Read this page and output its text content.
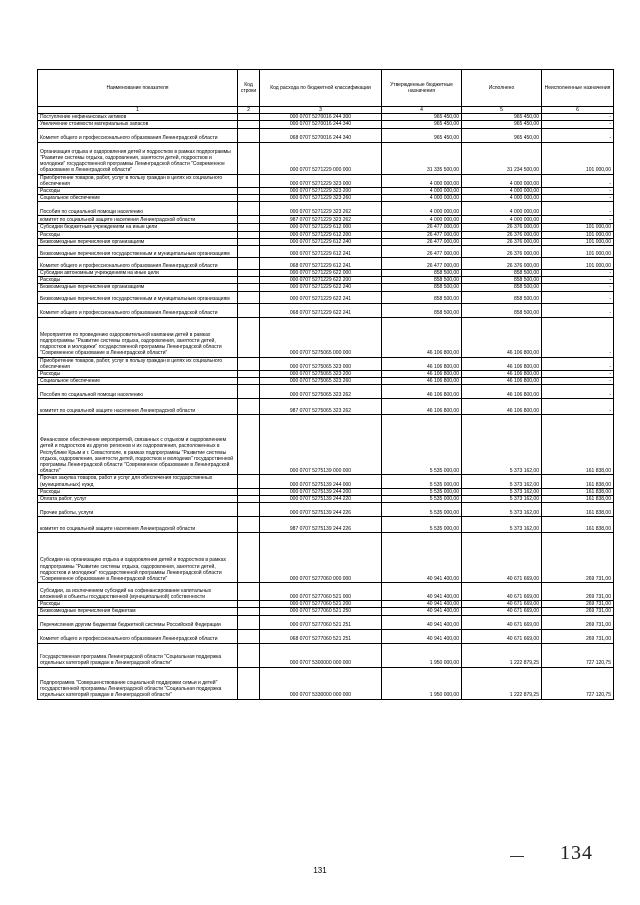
Наименование показателя	Код строки	Код расхода по бюджетной классификации	Утвержденные бюджетные назначения	Исполнено	Неисполненные назначения
1	2	3	4	5	6
Поступление нефинансовых активов		000 0707 5270016 244 300	965 450,00	965 450,00	-
Увеличение стоимости материальных запасов		000 0707 5270016 244 340	965 450,00	965 450,00	-
Комитет общего и профессионального образования Ленинградской области		068 0707 5270016 244 340	965 450,00	965 450,00	-
Организация отдыха и оздоровления детей и подростков в рамках подпрограммы "Развитие системы отдыха, оздоровления, занятости детей, подростков и молодежи" государственной программы Ленинградской области "Современное образование в Ленинградской области"		000 0707 5271229 000 000	31 335 500,00	31 234 500,00	101 000,00
Приобретение товаров, работ, услуг в пользу граждан в целях их социального обеспечения		000 0707 5271229 323 000	4 000 000,00	4 000 000,00	-
Расходы		000 0707 5271229 323 200	4 000 000,00	4 000 000,00	-
Социальное обеспечение		000 0707 5271229 323 260	4 000 000,00	4 000 000,00	-
Пособия по социальной помощи населению		000 0707 5271229 323 262	4 000 000,00	4 000 000,00	-
комитет по социальной защите населения Ленинградской области		987 0707 5271229 323 262	4 000 000,00	4 000 000,00	-
Субсидии бюджетным учреждениям на иные цели		000 0707 5271229 612 000	26 477 000,00	26 376 000,00	101 000,00
Расходы		000 0707 5271229 612 200	26 477 000,00	26 376 000,00	101 000,00
Безвозмездные перечисления организациям		000 0707 5271229 612 240	26 477 000,00	26 376 000,00	101 000,00
Безвозмездные перечисления государственным и муниципальным организациям		000 0707 5271229 612 241	26 477 000,00	26 376 000,00	101 000,00
Комитет общего и профессионального образования Ленинградской области		068 0707 5271229 612 241	26 477 000,00	26 376 000,00	101 000,00
Субсидии автономным учреждениям на иные цели		000 0707 5271229 622 000	858 500,00	858 500,00	-
Расходы		000 0707 5271229 622 200	858 500,00	858 500,00	-
Безвозмездные перечисления организациям		000 0707 5271229 622 240	858 500,00	858 500,00	-
Безвозмездные перечисления государственным и муниципальным организациям		000 0707 5271229 622 241	858 500,00	858 500,00	-
Комитет общего и профессионального образования Ленинградской области		068 0707 5271229 622 241	858 500,00	858 500,00	-
Мероприятия по проведению оздоровительной кампании детей в рамках подпрограммы "Развитие системы отдыха, оздоровления, занятости детей, подростков и молодежи" государственной программы Ленинградской области "Современное образование в Ленинградской области"		000 0707 5275065 000 000	46 106 800,00	46 106 800,00	-
Приобретение товаров, работ, услуг в пользу граждан в целях их социального обеспечения		000 0707 5275065 323 000	46 106 800,00	46 106 800,00	-
Расходы		000 0707 5275065 323 200	46 106 800,00	46 106 800,00	-
Социальное обеспечение		000 0707 5275065 323 260	46 106 800,00	46 106 800,00	-
Пособия по социальной помощи населению		000 0707 5275065 323 262	46 106 800,00	46 106 800,00	-
комитет по социальной защите населения Ленинградской области		987 0707 5275065 323 262	46 106 800,00	46 106 800,00	-
Финансовое обеспечение мероприятий, связанных с отдыхом и оздоровлением детей и подростков из других регионов и их оздоровления, расположенных в Республике Крым и г. Севастополе, в рамках подпрограммы "Развитие системы отдыха, оздоровления, занятости детей, подростков и молодежи" государственной программы Ленинградской области "Современное образование в Ленинградской области"		000 0707 5275139 000 000	5 535 000,00	5 373 162,00	161 838,00
Прочая закупка товаров, работ и услуг для обеспечения государственных (муниципальных) нужд		000 0707 5275139 244 000	5 535 000,00	5 373 162,00	161 838,00
Расходы		000 0707 5275139 244 200	5 535 000,00	5 373 162,00	161 838,00
Оплата работ, услуг		000 0707 5275139 244 220	5 535 000,00	5 373 162,00	161 838,00
Прочие работы, услуги		000 0707 5275139 244 226	5 535 000,00	5 373 162,00	161 838,00
комитет по социальной защите населения Ленинградской области		987 0707 5275139 244 226	5 535 000,00	5 373 162,00	161 838,00
Субсидии на организацию отдыха и оздоровления детей и подростков в рамках подпрограммы "Развитие системы отдыха, оздоровления, занятости детей, подростков и молодежи" государственной программы Ленинградской области "Современное образование в Ленинградской области"		000 0707 5277060 000 000	40 941 400,00	40 671 669,00	269 731,00
Субсидии, за исключением субсидий на софинансирование капитальных вложений в объекты государственной (муниципальной) собственности		000 0707 5277060 521 000	40 941 400,00	40 671 669,00	269 731,00
Расходы		000 0707 5277060 521 200	40 941 400,00	40 671 669,00	269 731,00
Безвозмездные перечисления бюджетам		000 0707 5277060 521 250	40 941 400,00	40 671 669,00	269 731,00
Перечисления другим бюджетам бюджетной системы Российской Федерации		000 0707 5277060 521 251	40 941 400,00	40 671 669,00	269 731,00
Комитет общего и профессионального образования Ленинградской области		068 0707 5277060 521 251	40 941 400,00	40 671 669,00	269 731,00
Государственная программа Ленинградской области "Социальная поддержка отдельных категорий граждан в Ленинградской области"		000 0707 5300000 000 000	1 950 000,00	1 222 879,25	727 120,75
Подпрограмма "Совершенствование социальной поддержки семьи и детей" государственной программы Ленинградской области "Социальная поддержка отдельных категорий граждан в Ленинградской области"		000 0707 5330000 000 000	1 950 000,00	1 222 879,25	727 120,75
134
131
